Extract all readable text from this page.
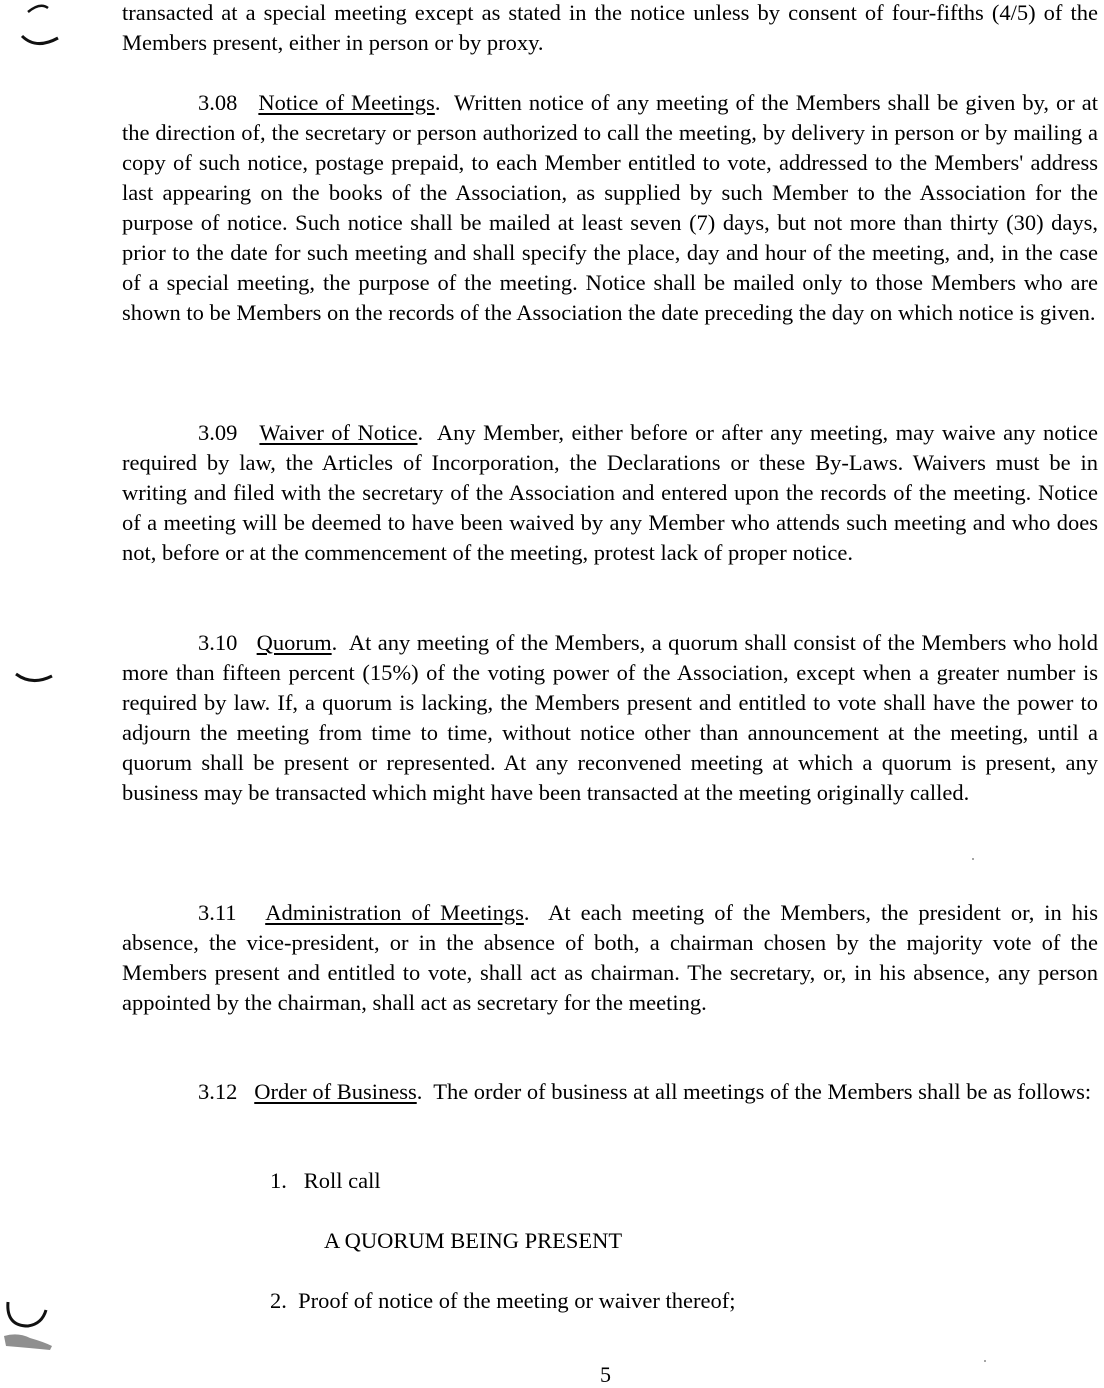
transacted at a special meeting except as stated in the notice unless by consent of four-fifths (4/5) of the Members present, either in person or by proxy.

3.08 Notice of Meetings.  Written notice of any meeting of the Members shall be given by, or at the direction of, the secretary or person authorized to call the meeting, by delivery in person or by mailing a copy of such notice, postage prepaid, to each Member entitled to vote, addressed to the Members' address last appearing on the books of the Association, as supplied by such Member to the Association for the purpose of notice. Such notice shall be mailed at least seven (7) days, but not more than thirty (30) days, prior to the date for such meeting and shall specify the place, day and hour of the meeting, and, in the case of a special meeting, the purpose of the meeting. Notice shall be mailed only to those Members who are shown to be Members on the records of the Association the date preceding the day on which notice is given.

3.09 Waiver of Notice.  Any Member, either before or after any meeting, may waive any notice required by law, the Articles of Incorporation, the Declarations or these By-Laws. Waivers must be in writing and filed with the secretary of the Association and entered upon the records of the meeting. Notice of a meeting will be deemed to have been waived by any Member who attends such meeting and who does not, before or at the commencement of the meeting, protest lack of proper notice.

3.10 Quorum.  At any meeting of the Members, a quorum shall consist of the Members who hold more than fifteen percent (15%) of the voting power of the Association, except when a greater number is required by law. If, a quorum is lacking, the Members present and entitled to vote shall have the power to adjourn the meeting from time to time, without notice other than announcement at the meeting, until a quorum shall be present or represented. At any reconvened meeting at which a quorum is present, any business may be transacted which might have been transacted at the meeting originally called.

3.11 Administration of Meetings.  At each meeting of the Members, the president or, in his absence, the vice-president, or in the absence of both, a chairman chosen by the majority vote of the Members present and entitled to vote, shall act as chairman. The secretary, or, in his absence, any person appointed by the chairman, shall act as secretary for the meeting.

3.12 Order of Business.  The order of business at all meetings of the Members shall be as follows:

1. Roll call
A QUORUM BEING PRESENT
2. Proof of notice of the meeting or waiver thereof;
5
